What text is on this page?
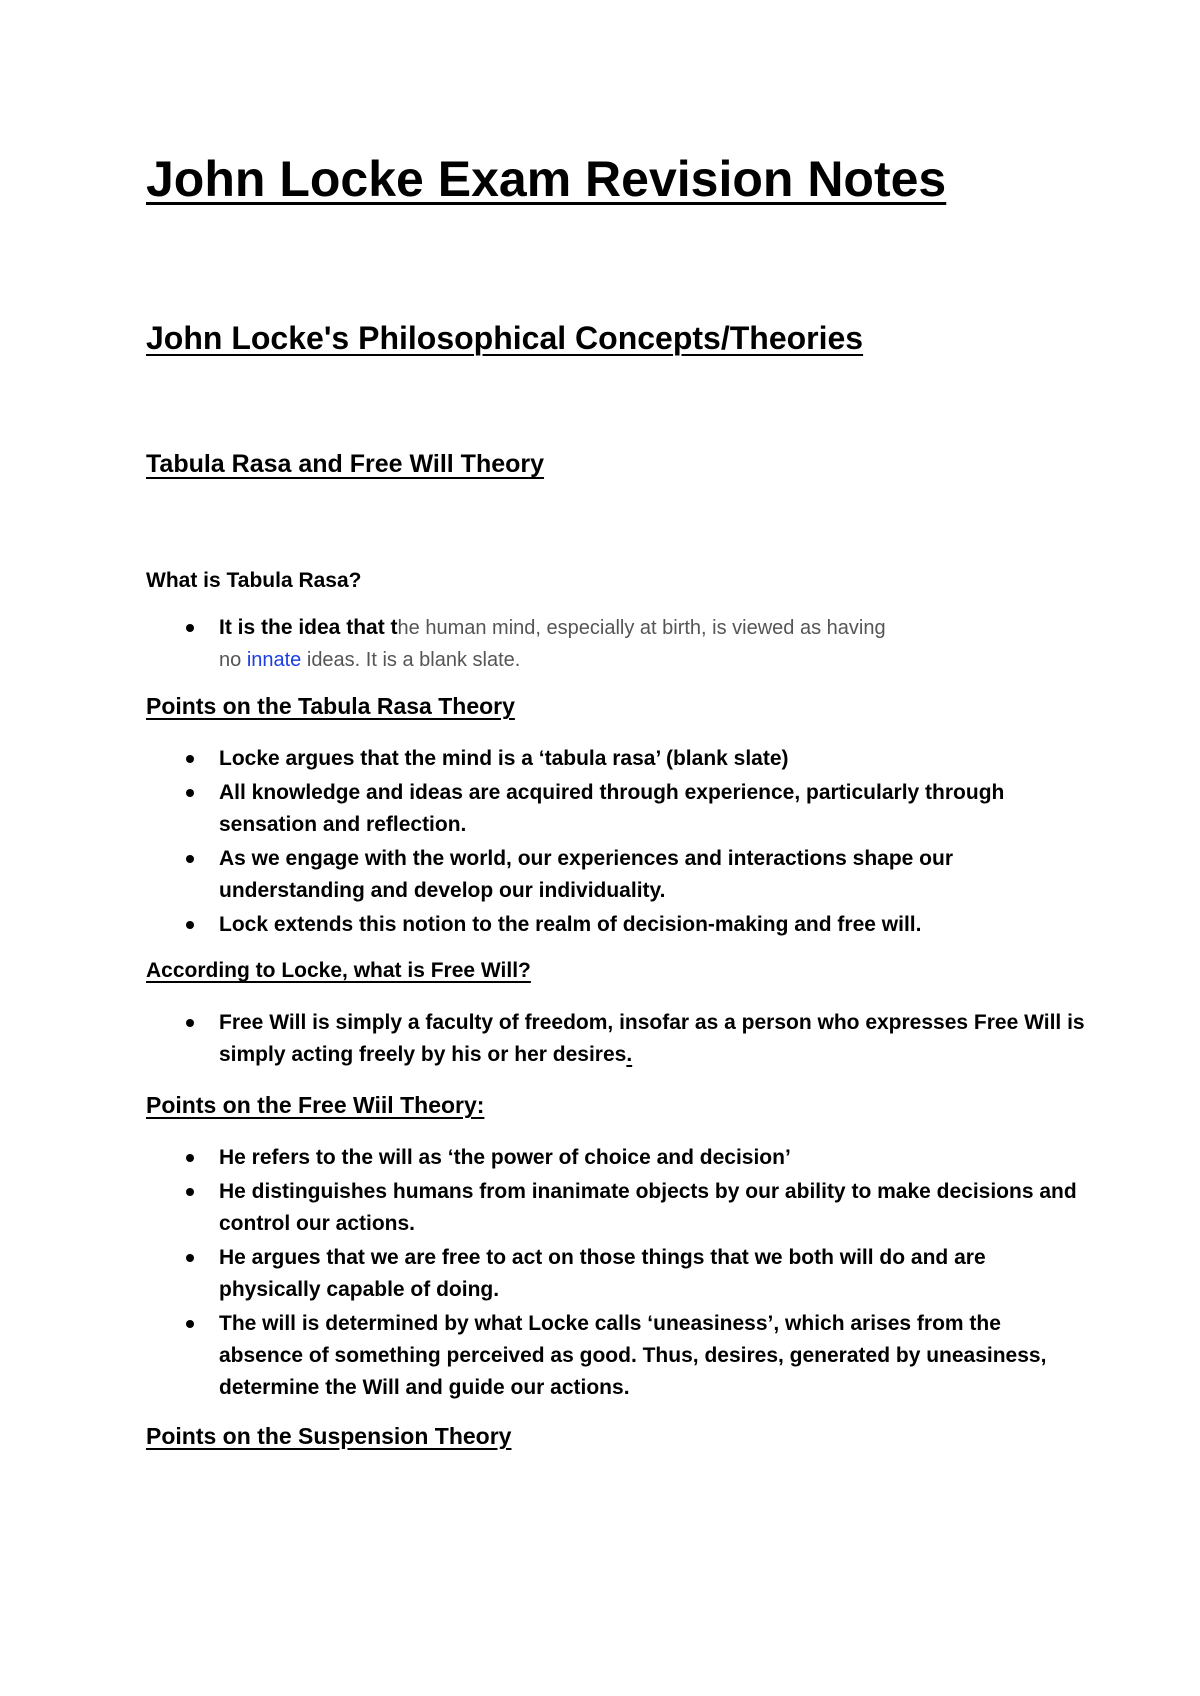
John Locke Exam Revision Notes
John Locke's Philosophical Concepts/Theories
Tabula Rasa and Free Will Theory
What is Tabula Rasa?
It is the idea that the human mind, especially at birth, is viewed as having
no innate ideas. It is a blank slate.
Points on the Tabula Rasa Theory
Locke argues that the mind is a ‘tabula rasa’ (blank slate)
All knowledge and ideas are acquired through experience, particularly through sensation and reflection.
As we engage with the world, our experiences and interactions shape our understanding and develop our individuality.
Lock extends this notion to the realm of decision-making and free will.
According to Locke, what is Free Will?
Free Will is simply a faculty of freedom, insofar as a person who expresses Free Will is simply acting freely by his or her desires.
Points on the Free Wiil Theory:
He refers to the will as ‘the power of choice and decision’
He distinguishes humans from inanimate objects by our ability to make decisions and control our actions.
He argues that we are free to act on those things that we both will do and are physically capable of doing.
The will is determined by what Locke calls ‘uneasiness’, which arises from the absence of something perceived as good. Thus, desires, generated by uneasiness, determine the Will and guide our actions.
Points on the Suspension Theory
